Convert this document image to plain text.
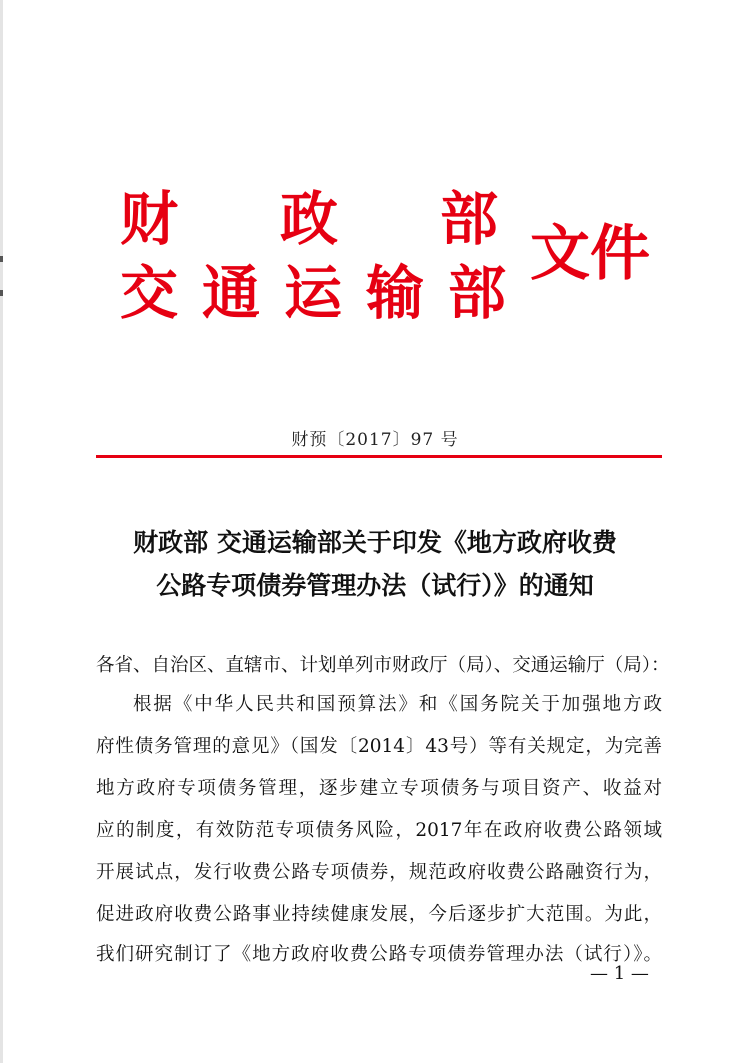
财 政 部
交 通 运 输 部
文件
财预〔2017〕97 号
财政部 交通运输部关于印发《地方政府收费
公路专项债券管理办法（试行）》的通知
各省、自治区、直辖市、计划单列市财政厅（局）、交通运输厅（局）：
根据《中华人民共和国预算法》和《国务院关于加强地方政
府性债务管理的意见》（国发〔2014〕43号）等有关规定，为完善
地方政府专项债务管理，逐步建立专项债务与项目资产、收益对
应的制度，有效防范专项债务风险，2017年在政府收费公路领域
开展试点，发行收费公路专项债券，规范政府收费公路融资行为，
促进政府收费公路事业持续健康发展，今后逐步扩大范围。为此，
我们研究制订了《地方政府收费公路专项债券管理办法（试行）》。
— 1 —
